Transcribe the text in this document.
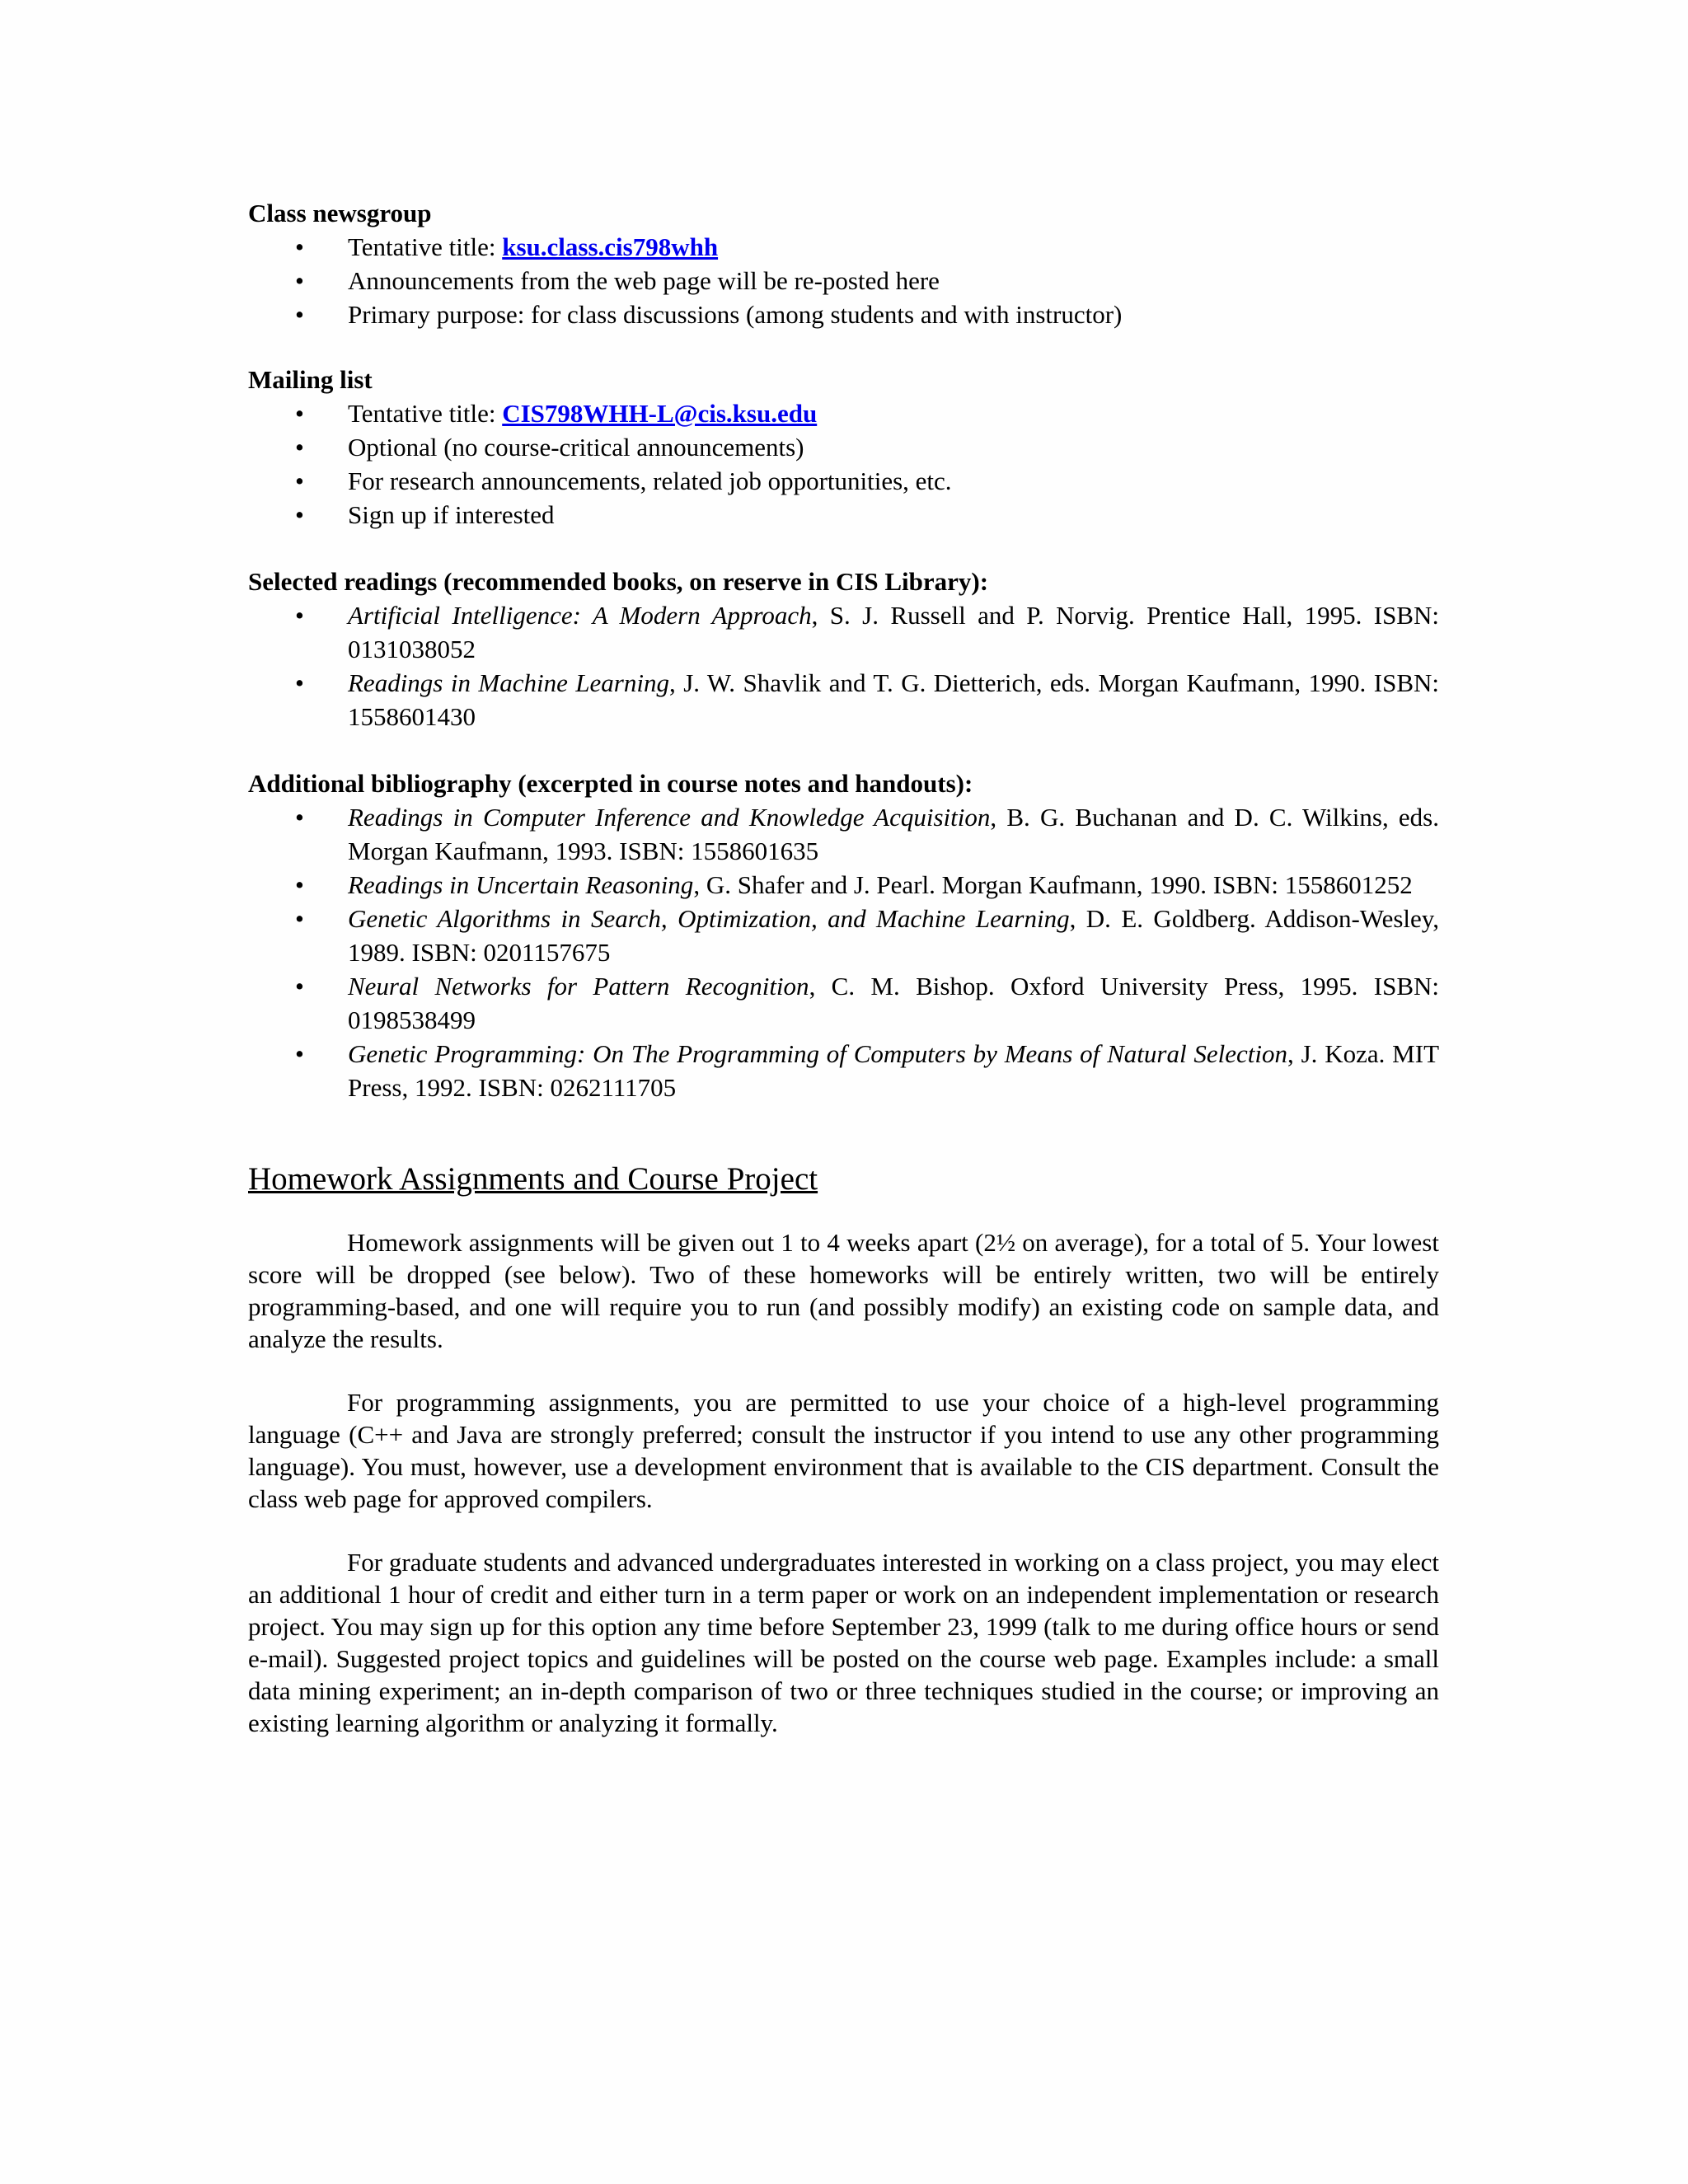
Class newsgroup
• Tentative title: ksu.class.cis798whh
• Announcements from the web page will be re-posted here
• Primary purpose: for class discussions (among students and with instructor)
Mailing list
• Tentative title: CIS798WHH-L@cis.ksu.edu
• Optional (no course-critical announcements)
• For research announcements, related job opportunities, etc.
• Sign up if interested
Selected readings (recommended books, on reserve in CIS Library):
• Artificial Intelligence: A Modern Approach, S. J. Russell and P. Norvig. Prentice Hall, 1995. ISBN: 0131038052
• Readings in Machine Learning, J. W. Shavlik and T. G. Dietterich, eds. Morgan Kaufmann, 1990. ISBN: 1558601430
Additional bibliography (excerpted in course notes and handouts):
• Readings in Computer Inference and Knowledge Acquisition, B. G. Buchanan and D. C. Wilkins, eds. Morgan Kaufmann, 1993. ISBN: 1558601635
• Readings in Uncertain Reasoning, G. Shafer and J. Pearl. Morgan Kaufmann, 1990. ISBN: 1558601252
• Genetic Algorithms in Search, Optimization, and Machine Learning, D. E. Goldberg. Addison-Wesley, 1989. ISBN: 0201157675
• Neural Networks for Pattern Recognition, C. M. Bishop. Oxford University Press, 1995. ISBN: 0198538499
• Genetic Programming: On The Programming of Computers by Means of Natural Selection, J. Koza. MIT Press, 1992. ISBN: 0262111705
Homework Assignments and Course Project

Homework assignments will be given out 1 to 4 weeks apart (2½ on average), for a total of 5. Your lowest score will be dropped (see below). Two of these homeworks will be entirely written, two will be entirely programming-based, and one will require you to run (and possibly modify) an existing code on sample data, and analyze the results.

For programming assignments, you are permitted to use your choice of a high-level programming language (C++ and Java are strongly preferred; consult the instructor if you intend to use any other programming language). You must, however, use a development environment that is available to the CIS department. Consult the class web page for approved compilers.

For graduate students and advanced undergraduates interested in working on a class project, you may elect an additional 1 hour of credit and either turn in a term paper or work on an independent implementation or research project. You may sign up for this option any time before September 23, 1999 (talk to me during office hours or send e-mail). Suggested project topics and guidelines will be posted on the course web page. Examples include: a small data mining experiment; an in-depth comparison of two or three techniques studied in the course; or improving an existing learning algorithm or analyzing it formally.
